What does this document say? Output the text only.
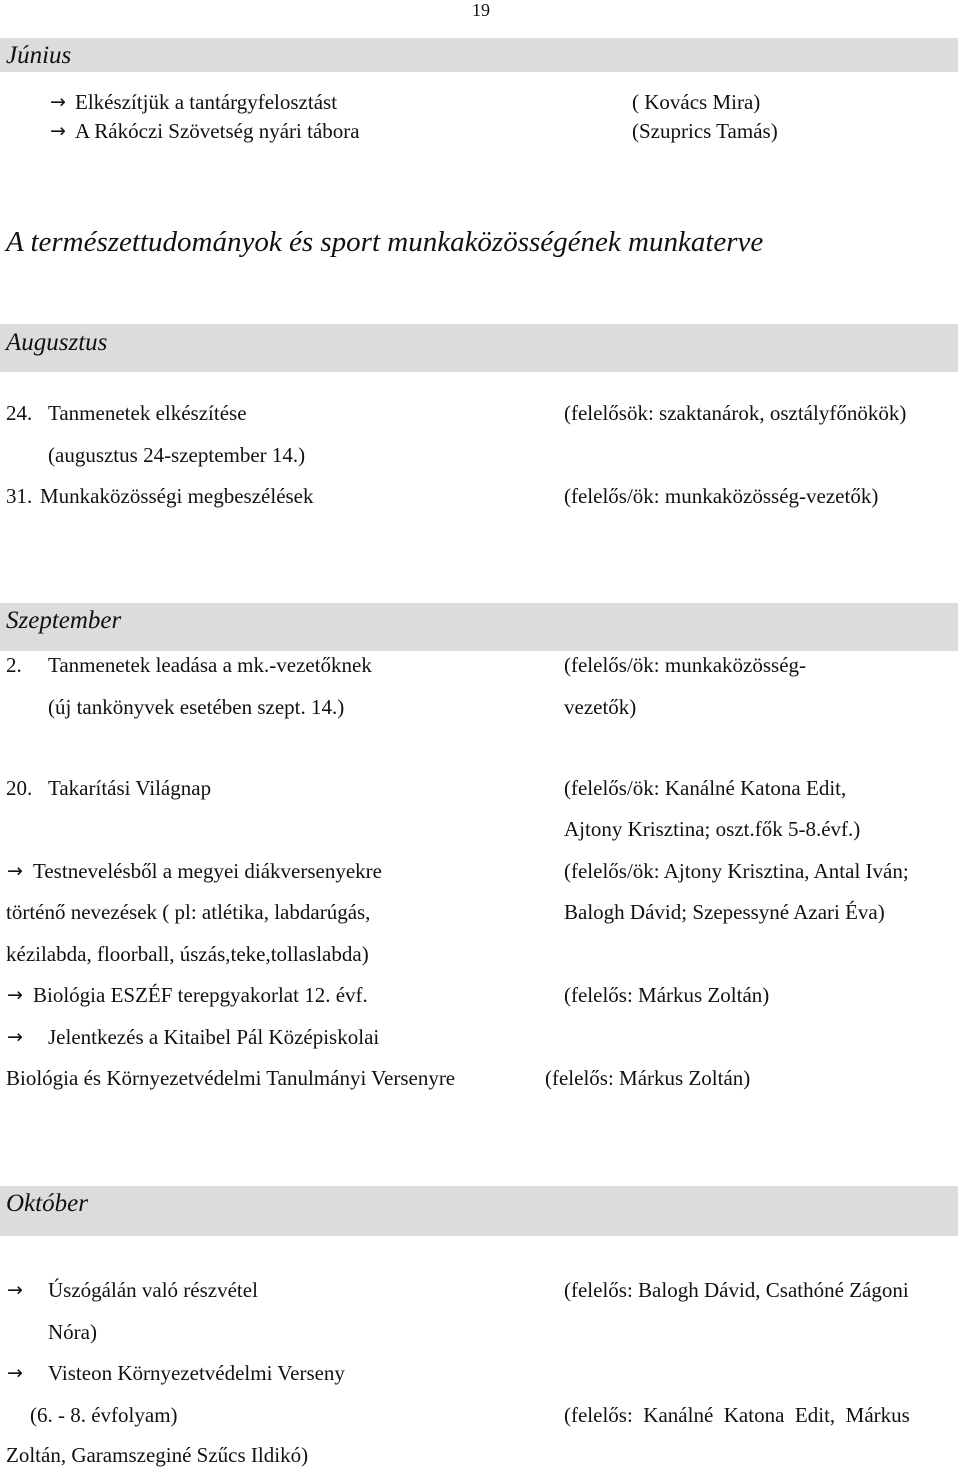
19
Június
→ Elkészítjük a tantárgyfelosztást	( Kovács Mira)
→ A Rákóczi Szövetség nyári tábora	(Szuprics Tamás)
A természettudományok és sport munkaközösségének munkaterve
Augusztus
24. Tanmenetek elkészítése	(felelősök: szaktanárok, osztályfőnökök)
(augusztus 24-szeptember 14.)
31. Munkaközösségi megbeszélések	(felelős/ök: munkaközösség-vezetők)
Szeptember
2. Tanmenetek leadása a mk.-vezetőknek	(felelős/ök: munkaközösség-
(új tankönyvek esetében szept. 14.)	vezetők)
20. Takarítási Világnap	(felelős/ök: Kanálné Katona Edit,
Ajtony Krisztina; oszt.fők 5-8.évf.)
→ Testnevelésből a megyei diákversenyekre	(felelős/ök: Ajtony Krisztina, Antal Iván;
történő nevezések ( pl: atlétika, labdarúgás,	Balogh Dávid; Szepessyné Azari Éva)
kézilabda, floorball, úszás,teke,tollaslabda)
→ Biológia ESZÉF terepgyakorlat 12. évf.	(felelős: Márkus Zoltán)
→ Jelentkezés a Kitaibel Pál Középiskolai
Biológia és Környezetvédelmi Tanulmányi Versenyre	(felelős: Márkus Zoltán)
Október
→ Úszógálán való részvétel	(felelős: Balogh Dávid, Csathóné Zágoni
Nóra)
→ Visteon Környezetvédelmi Verseny
(6. - 8. évfolyam)	(felelős:  Kanálné  Katona  Edit,  Márkus
Zoltán, Garamszeginé Szűcs Ildikó)
